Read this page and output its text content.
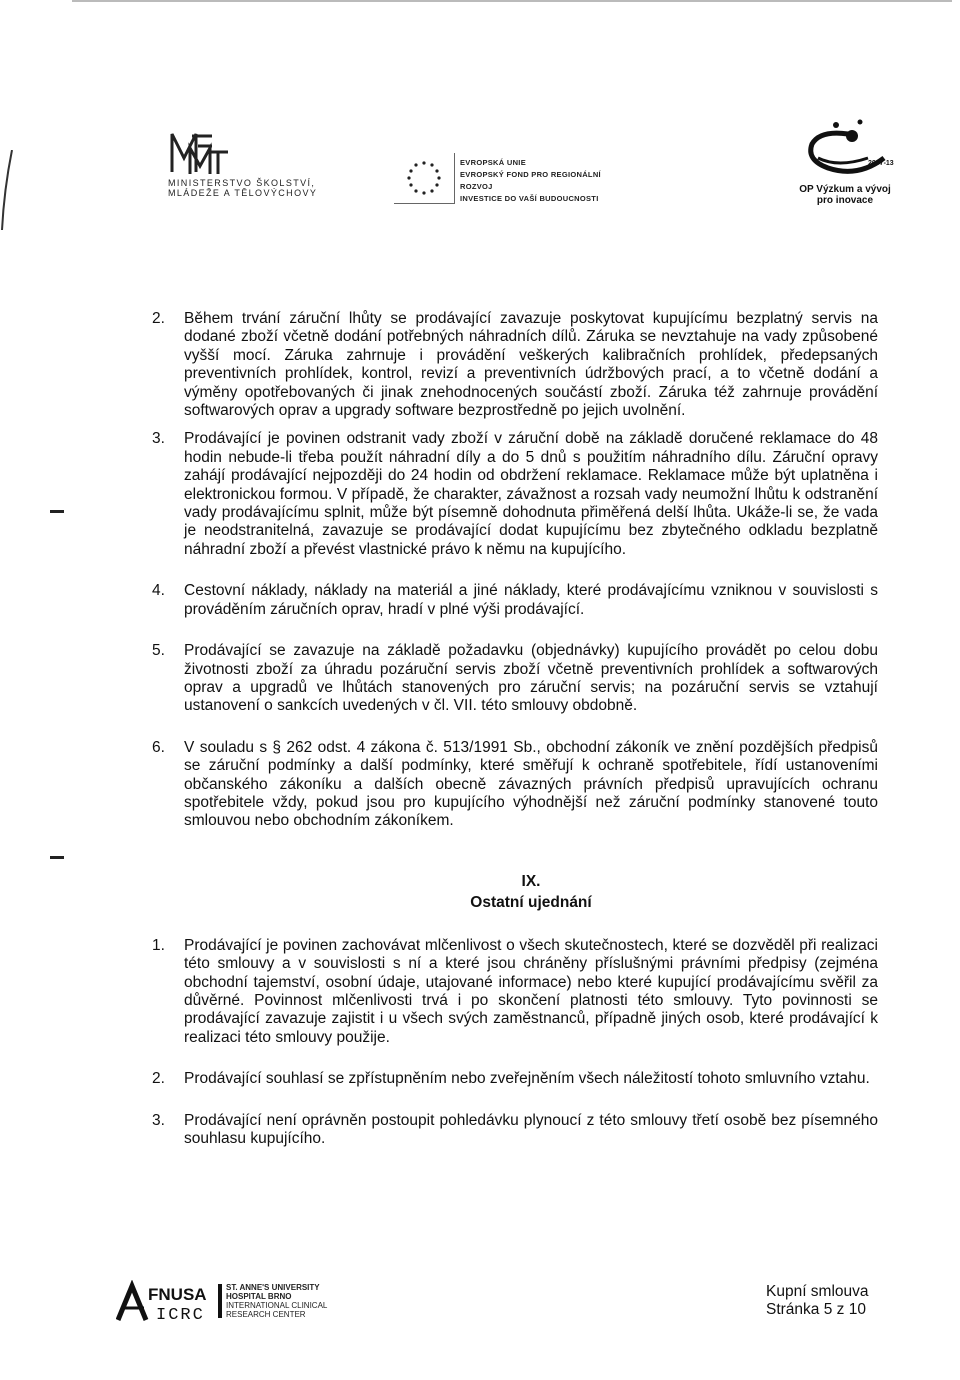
MINISTERSTVO ŠKOLSTVÍ,
MLÁDEŽE A TĚLOVÝCHOVY
EVROPSKÁ UNIE
EVROPSKÝ FOND PRO REGIONÁLNÍ ROZVOJ
INVESTICE DO VAŠÍ BUDOUCNOSTI
2007-13
OP Výzkum a vývoj
pro inovace
2. Během trvání záruční lhůty se prodávající zavazuje poskytovat kupujícímu bezplatný servis na dodané zboží včetně dodání potřebných náhradních dílů. Záruka se nevztahuje na vady způsobené vyšší mocí. Záruka zahrnuje i provádění veškerých kalibračních prohlídek, předepsaných preventivních prohlídek, kontrol, revizí a preventivních údržbových prací, a to včetně dodání a výměny opotřebovaných či jinak znehodnocených součástí zboží. Záruka též zahrnuje provádění softwarových oprav a upgrady software bezprostředně po jejich uvolnění.
3. Prodávající je povinen odstranit vady zboží v záruční době na základě doručené reklamace do 48 hodin nebude-li třeba použít náhradní díly a do 5 dnů s použitím náhradního dílu. Záruční opravy zahájí prodávající nejpozději do 24 hodin od obdržení reklamace. Reklamace může být uplatněna i elektronickou formou. V případě, že charakter, závažnost a rozsah vady neumožní lhůtu k odstranění vady prodávajícímu splnit, může být písemně dohodnuta přiměřená delší lhůta. Ukáže-li se, že vada je neodstranitelná, zavazuje se prodávající dodat kupujícímu bez zbytečného odkladu bezplatně náhradní zboží a převést vlastnické právo k němu na kupujícího.
4. Cestovní náklady, náklady na materiál a jiné náklady, které prodávajícímu vzniknou v souvislosti s prováděním záručních oprav, hradí v plné výši prodávající.
5. Prodávající se zavazuje na základě požadavku (objednávky) kupujícího provádět po celou dobu životnosti zboží za úhradu pozáruční servis zboží včetně preventivních prohlídek a softwarových oprav a upgradů ve lhůtách stanovených pro záruční servis; na pozáruční servis se vztahují ustanovení o sankcích uvedených v čl. VII. této smlouvy obdobně.
6. V souladu s § 262 odst. 4 zákona č. 513/1991 Sb., obchodní zákoník ve znění pozdějších předpisů se záruční podmínky a další podmínky, které směřují k ochraně spotřebitele, řídí ustanoveními občanského zákoníku a dalších obecně závazných právních předpisů upravujících ochranu spotřebitele vždy, pokud jsou pro kupujícího výhodnější než záruční podmínky stanovené touto smlouvou nebo obchodním zákoníkem.
IX.
Ostatní ujednání
1. Prodávající je povinen zachovávat mlčenlivost o všech skutečnostech, které se dozvěděl při realizaci této smlouvy a v souvislosti s ní a které jsou chráněny příslušnými právními předpisy (zejména obchodní tajemství, osobní údaje, utajované informace) nebo které kupující prodávajícímu svěřil za důvěrné. Povinnost mlčenlivosti trvá i po skončení platnosti této smlouvy. Tyto povinnosti se prodávající zavazuje zajistit i u všech svých zaměstnanců, případně jiných osob, které prodávající k realizaci této smlouvy použije.
2. Prodávající souhlasí se zpřístupněním nebo zveřejněním všech náležitostí tohoto smluvního vztahu.
3. Prodávající není oprávněn postoupit pohledávku plynoucí z této smlouvy třetí osobě bez písemného souhlasu kupujícího.
FNUSA
ICRC
ST. ANNE'S UNIVERSITY
HOSPITAL BRNO
INTERNATIONAL CLINICAL
RESEARCH CENTER
Kupní smlouva
Stránka 5 z 10
